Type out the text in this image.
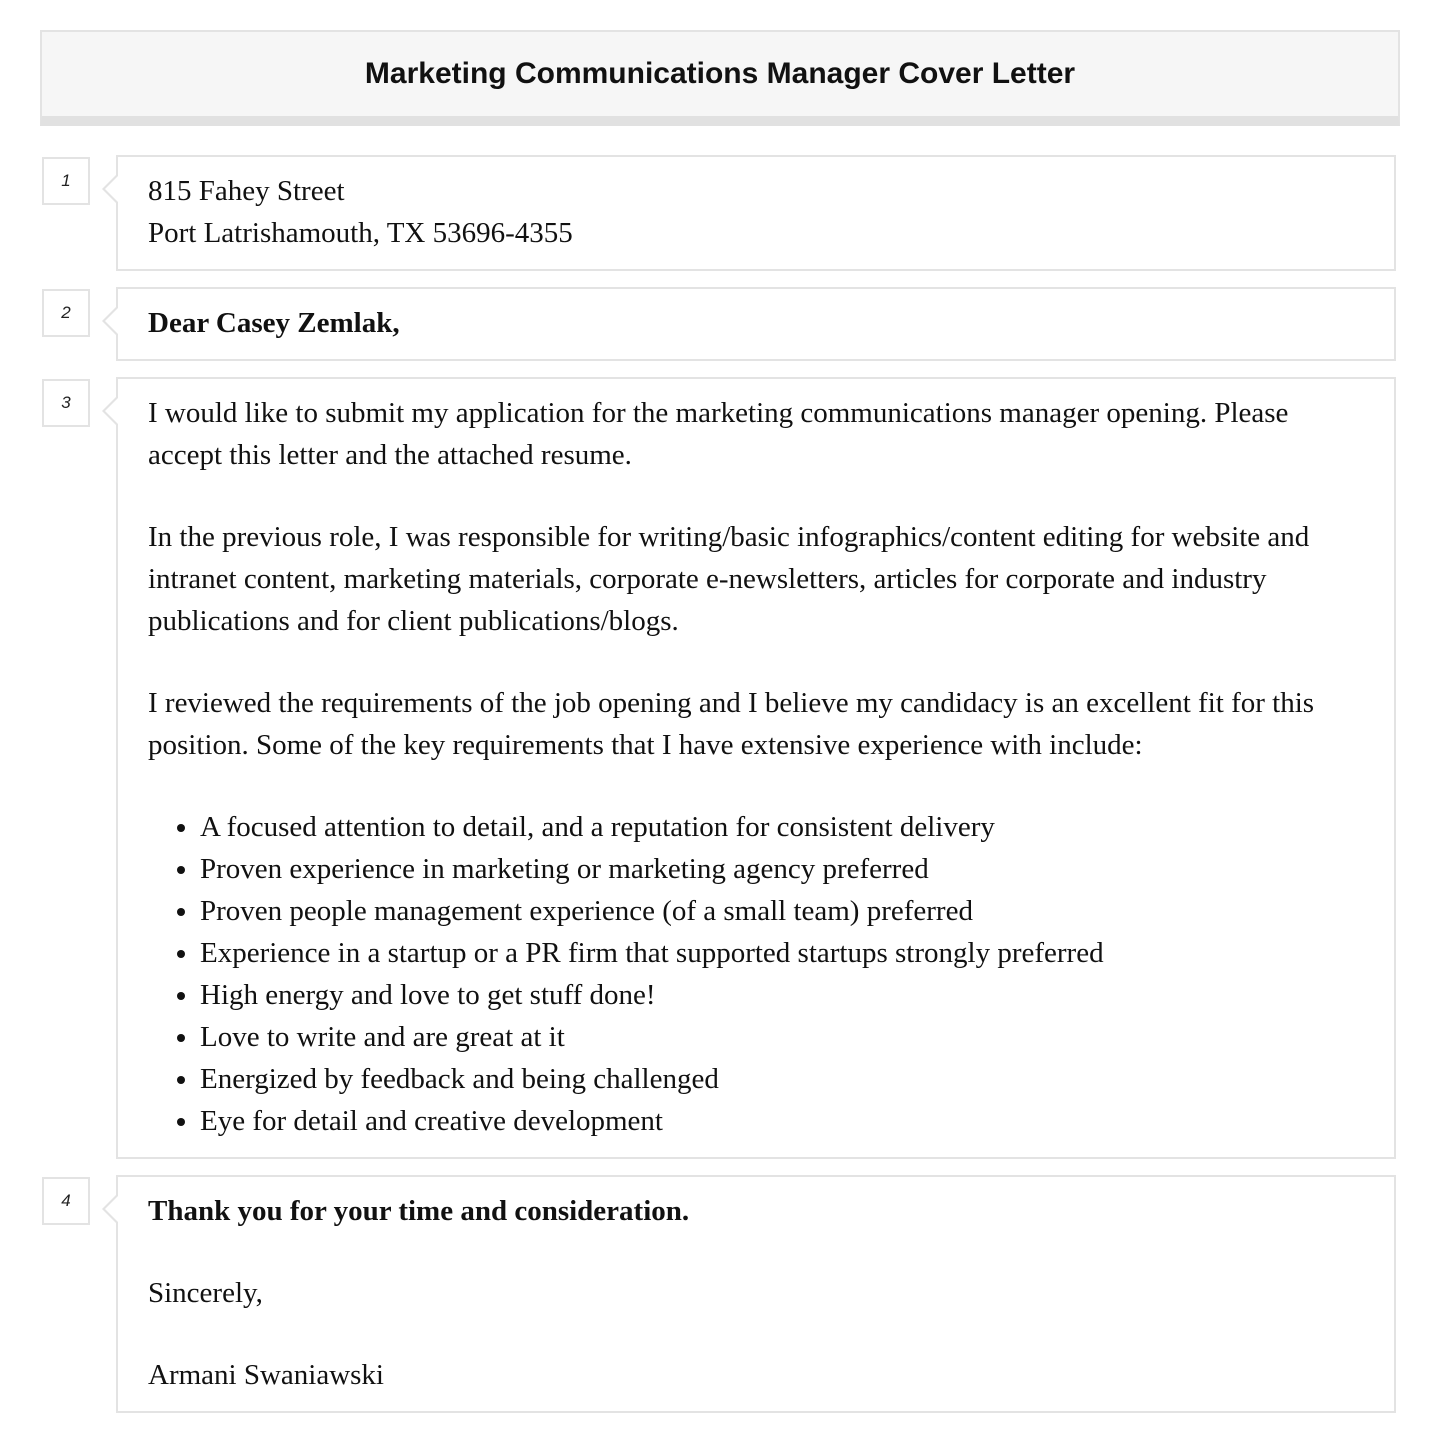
Marketing Communications Manager Cover Letter
1	815 Fahey Street

Port Latrishamouth, TX 53696-4355

2	Dear Casey Zemlak,

3	I would like to submit my application for the marketing communications manager opening. Please accept this letter and the attached resume.

In the previous role, I was responsible for writing/basic infographics/content editing for website and intranet content, marketing materials, corporate e-newsletters, articles for corporate and industry publications and for client publications/blogs.

I reviewed the requirements of the job opening and I believe my candidacy is an excellent fit for this position. Some of the key requirements that I have extensive experience with include:

• A focused attention to detail, and a reputation for consistent delivery
• Proven experience in marketing or marketing agency preferred
• Proven people management experience (of a small team) preferred
• Experience in a startup or a PR firm that supported startups strongly preferred
• High energy and love to get stuff done!
• Love to write and are great at it
• Energized by feedback and being challenged
• Eye for detail and creative development
4	Thank you for your time and consideration.

Sincerely,

Armani Swaniawski
